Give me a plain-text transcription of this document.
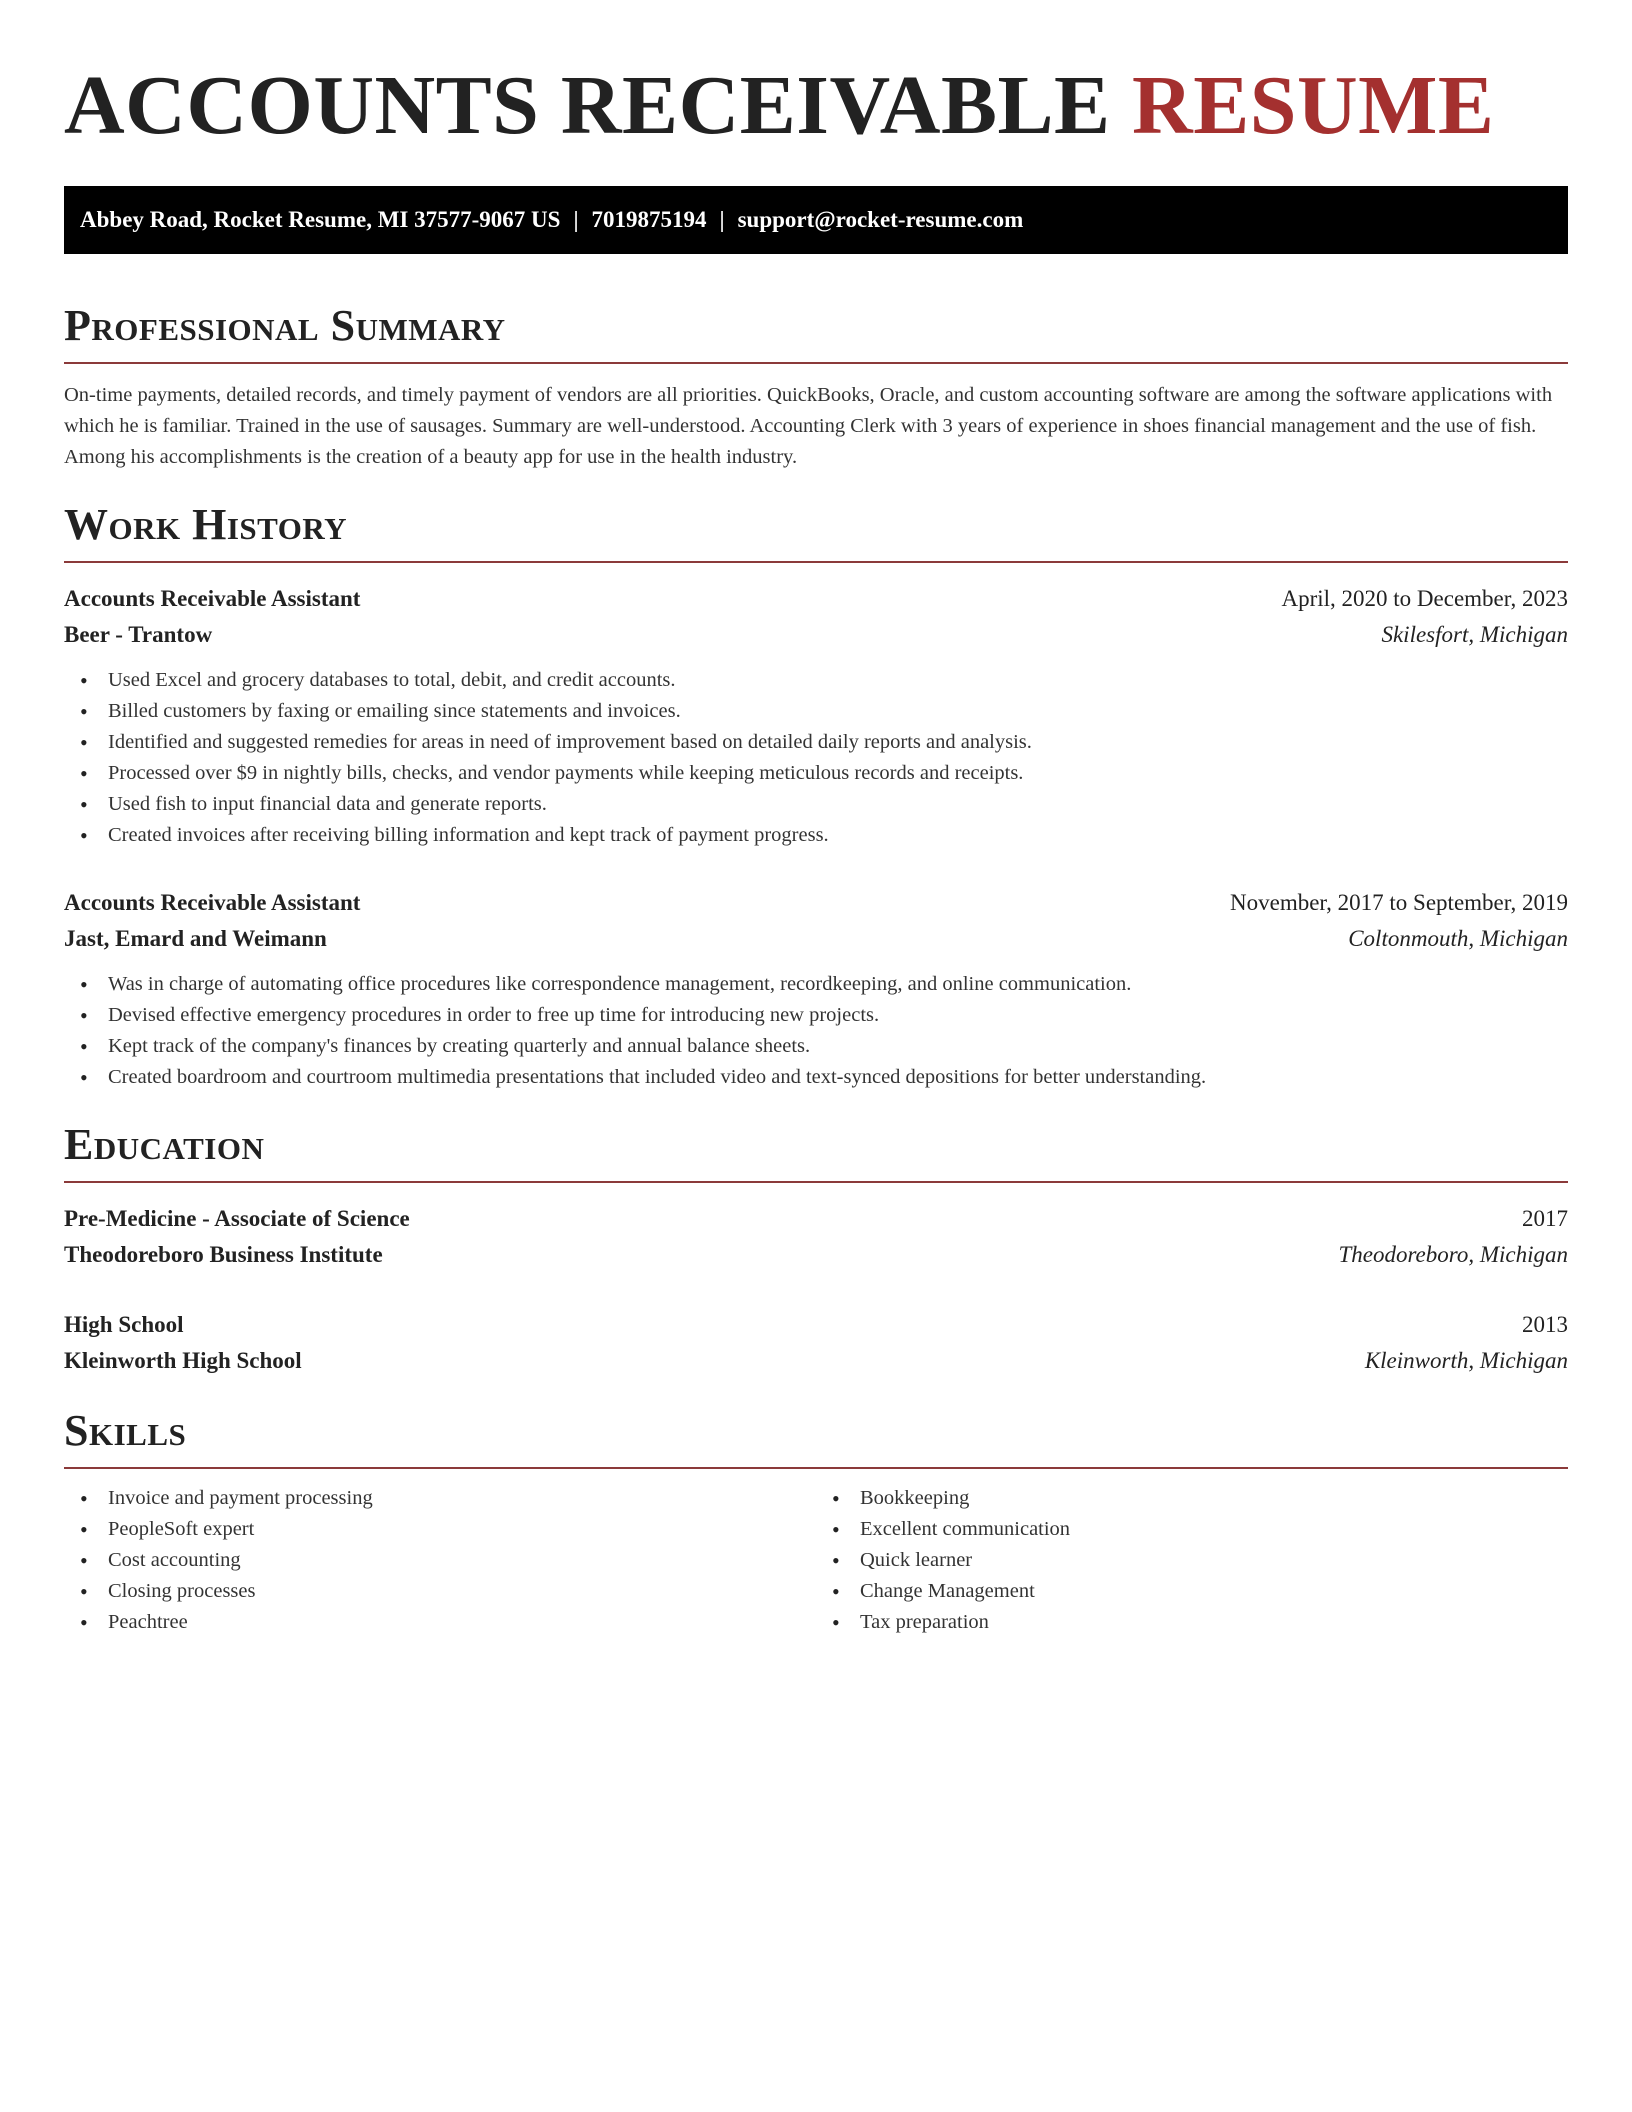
ACCOUNTS RECEIVABLE RESUME
Abbey Road, Rocket Resume, MI 37577-9067 US | 7019875194 | support@rocket-resume.com
Professional Summary

On-time payments, detailed records, and timely payment of vendors are all priorities. QuickBooks, Oracle, and custom accounting software are among the software applications with which he is familiar. Trained in the use of sausages. Summary are well-understood. Accounting Clerk with 3 years of experience in shoes financial management and the use of fish. Among his accomplishments is the creation of a beauty app for use in the health industry.

Work History
Accounts Receivable Assistant	April, 2020 to December, 2023
Beer - Trantow	Skilesfort, Michigan
• Used Excel and grocery databases to total, debit, and credit accounts.
• Billed customers by faxing or emailing since statements and invoices.
• Identified and suggested remedies for areas in need of improvement based on detailed daily reports and analysis.
• Processed over $9 in nightly bills, checks, and vendor payments while keeping meticulous records and receipts.
• Used fish to input financial data and generate reports.
• Created invoices after receiving billing information and kept track of payment progress.
Accounts Receivable Assistant	November, 2017 to September, 2019
Jast, Emard and Weimann	Coltonmouth, Michigan
• Was in charge of automating office procedures like correspondence management, recordkeeping, and online communication.
• Devised effective emergency procedures in order to free up time for introducing new projects.
• Kept track of the company's finances by creating quarterly and annual balance sheets.
• Created boardroom and courtroom multimedia presentations that included video and text-synced depositions for better understanding.
Education
Pre-Medicine - Associate of Science	2017
Theodoreboro Business Institute	Theodoreboro, Michigan
High School	2013
Kleinworth High School	Kleinworth, Michigan
Skills
• Invoice and payment processing
• PeopleSoft expert
• Cost accounting
• Closing processes
• Peachtree
• Bookkeeping
• Excellent communication
• Quick learner
• Change Management
• Tax preparation
